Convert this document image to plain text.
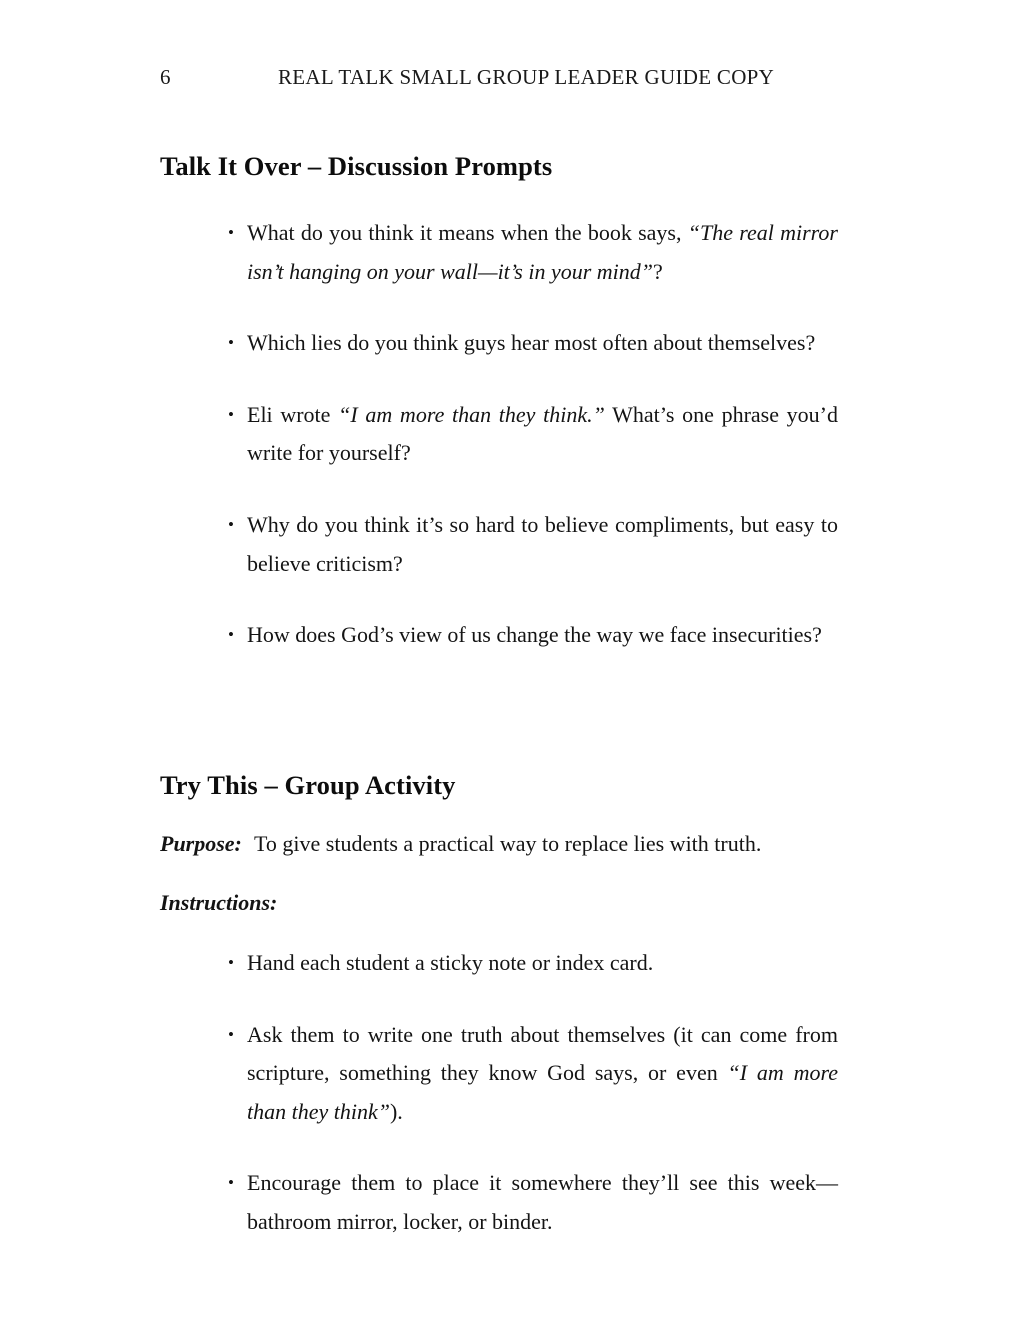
6	REAL TALK SMALL GROUP LEADER GUIDE COPY
Talk It Over – Discussion Prompts
• What do you think it means when the book says, “The real mirror isn’t hanging on your wall—it’s in your mind”?
• Which lies do you think guys hear most often about themselves?
• Eli wrote “I am more than they think.” What’s one phrase you’d write for yourself?
• Why do you think it’s so hard to believe compliments, but easy to believe criticism?
• How does God’s view of us change the way we face insecurities?
Try This – Group Activity

Purpose: To give students a practical way to replace lies with truth.

Instructions:

• Hand each student a sticky note or index card.
• Ask them to write one truth about themselves (it can come from scripture, something they know God says, or even “I am more than they think”).
• Encourage them to place it somewhere they’ll see this week—bathroom mirror, locker, or binder.
